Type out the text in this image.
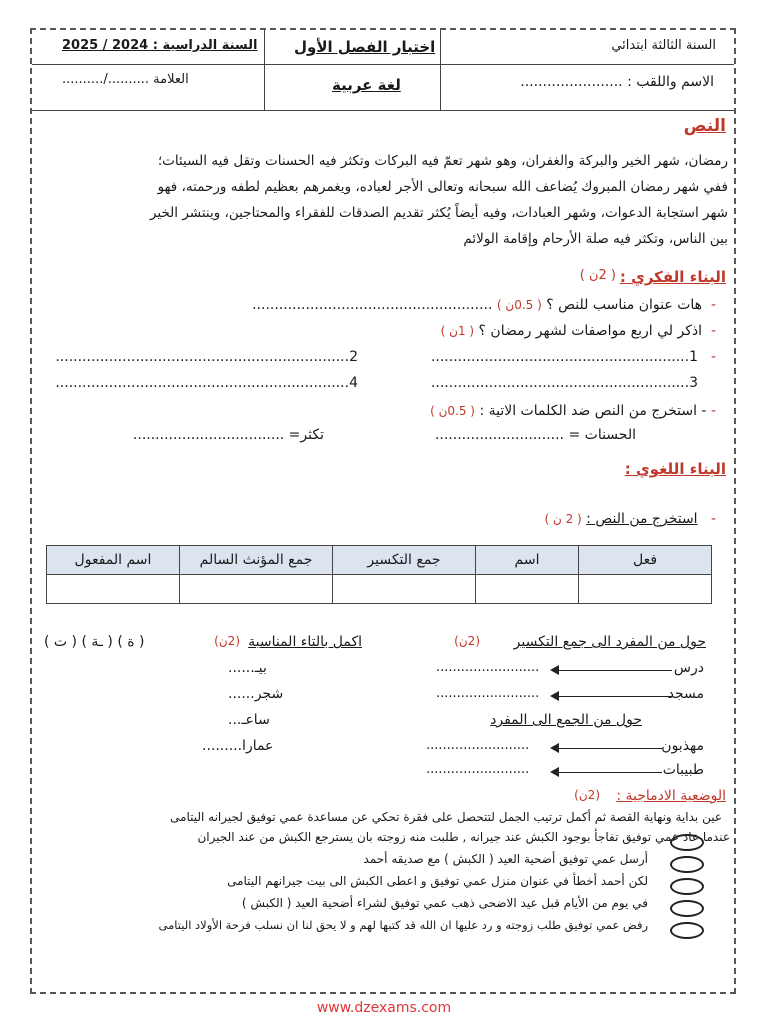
السنة الثالثة ابتدائي
الاسم واللقب : .......................
اختبار الفصل الأول
لغة عربية
السنة الدراسية : 2024 / 2025
العلامة ........../..........
النص
رمضان، شهر الخير والبركة والغفران، وهو شهر تعمّ فيه البركات وتكثر فيه الحسنات وتقل فيه السيئات؛
ففي شهر رمضان المبروك يُضاعف الله سبحانه وتعالى الأجر لعباده، ويغمرهم بعظيم لطفه ورحمته، فهو
شهر استجابة الدعوات، وشهر العبادات، وفيه أيضاً يُكثر تقديم الصدقات للفقراء والمحتاجين، وينتشر الخير
بين الناس، وتكثر فيه صلة الأرحام وإقامة الولائم
البناء الفكري :
( 2ن )
-  هات عنوان مناسب للنص ؟ ( 0.5ن ) ......................................................
-  اذكر لي اربع مواصفات لشهر رمضان ؟ ( 1ن )
-
1..........................................................
2..................................................................
3..........................................................
4..................................................................
- - استخرج من النص ضد الكلمات الاتية : ( 0.5ن )
الحسنات = .............................
تكثر= ..................................
البناء اللغوي :
-   استخرج من النص : ( 2 ن )
فعل	اسم	جمع التكسير	جمع المؤنث السالم	اسم المفعول

حول من المفرد الى جمع التكسير
(2ن)
درس
.........................
مسجد
.........................
حول من الجمع الى المفرد
مهذبون
.........................
طبيبات
.........................
اكمل بالتاء المناسبة
(2ن)
( ة ) ( ـة ) ( ت )
بيـ......
شجر......
ساعـ...
عمارا.........
الوضعية الادماجية :
(2ن)
عين بداية ونهاية القصة ثم أكمل ترتيب الجمل لتتحصل على فقرة تحكي عن مساعدة عمي توفيق لجيرانه اليتامى
عندما عاد عمي توفيق تفاجأ بوجود الكبش عند جيرانه , طلبت منه زوجته بان يسترجع الكبش من عند الجيران
أرسل عمي توفيق أضحية العيد ( الكبش ) مع صديقه أحمد
لكن أحمد أخطأ في عنوان منزل عمي توفيق و اعطى الكبش الى بيت جيرانهم اليتامى
في يوم من الأيام قبل عيد الاضحى ذهب عمي توفيق لشراء أضحية العيد ( الكبش )
رفض عمي توفيق طلب زوجته و رد عليها ان الله قد كتبها لهم و لا يحق لنا ان نسلب فرحة الأولاد اليتامى
www.dzexams.com
